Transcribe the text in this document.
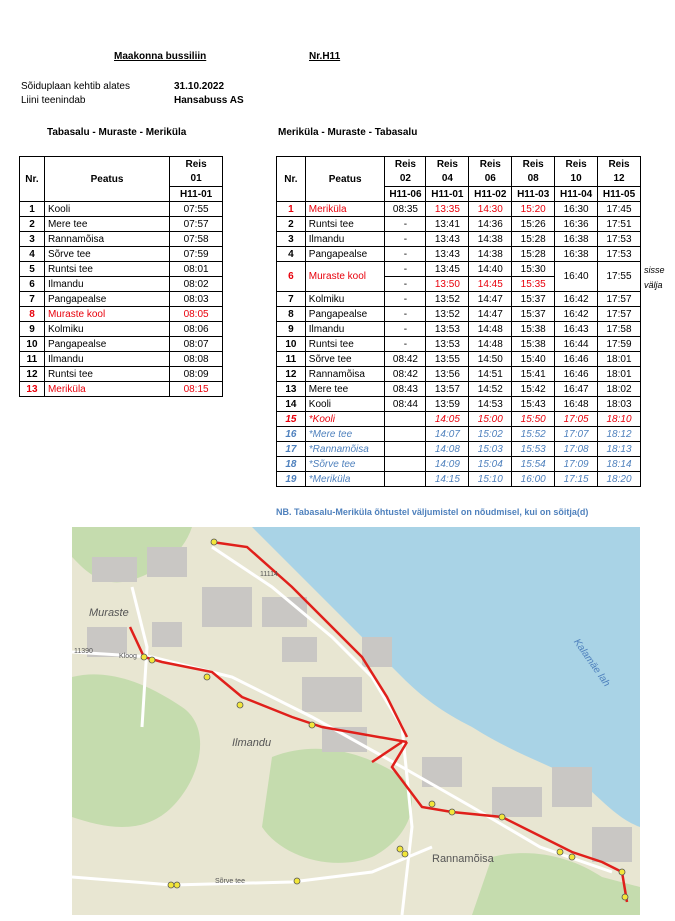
Maakonna bussiliin	Nr.H11
Sõiduplaan kehtib alates	31.10.2022
Liini teenindab	Hansabuss AS
Tabasalu - Muraste - Meriküla	Meriküla - Muraste - Tabasalu
Nr.	Peatus	Reis
		01
		H11-01
1	Kooli	07:55
2	Mere tee	07:57
3	Rannamõisa	07:58
4	Sõrve tee	07:59
5	Runtsi tee	08:01
6	Ilmandu	08:02
7	Pangapealse	08:03
8	Muraste kool	08:05
9	Kolmiku	08:06
10	Pangapealse	08:07
11	Ilmandu	08:08
12	Runtsi tee	08:09
13	Meriküla	08:15
Nr.	Peatus	Reis	Reis	Reis	Reis	Reis	Reis
		02	04	06	08	10	12
		H11-06	H11-01	H11-02	H11-03	H11-04	H11-05
1	Meriküla	08:35	13:35	14:30	15:20	16:30	17:45
2	Runtsi tee	-	13:41	14:36	15:26	16:36	17:51
3	Ilmandu	-	13:43	14:38	15:28	16:38	17:53
4	Pangapealse	-	13:43	14:38	15:28	16:38	17:53
6	Muraste kool	-	13:45	14:40	15:30	16:40	17:55
		-	13:50	14:45	15:35		
7	Kolmiku	-	13:52	14:47	15:37	16:42	17:57
8	Pangapealse	-	13:52	14:47	15:37	16:42	17:57
9	Ilmandu	-	13:53	14:48	15:38	16:43	17:58
10	Runtsi tee	-	13:53	14:48	15:38	16:44	17:59
11	Sõrve tee	08:42	13:55	14:50	15:40	16:46	18:01
12	Rannamõisa	08:42	13:56	14:51	15:41	16:46	18:01
13	Mere tee	08:43	13:57	14:52	15:42	16:47	18:02
14	Kooli	08:44	13:59	14:53	15:43	16:48	18:03
15	*Kooli		14:05	15:00	15:50	17:05	18:10
16	*Mere tee		14:07	15:02	15:52	17:07	18:12
17	*Rannamõisa		14:08	15:03	15:53	17:08	18:13
18	*Sõrve tee		14:09	15:04	15:54	17:09	18:14
19	*Meriküla		14:15	15:10	16:00	17:15	18:20
sisse
välja
NB. Tabasalu-Meriküla õhtustel väljumistel on nõudmisel, kui on sõitja(d)
Muraste
Ilmandu
Rannamõisa
Kalamäe lah
Kloog
11390
11114
Sõrve tee
